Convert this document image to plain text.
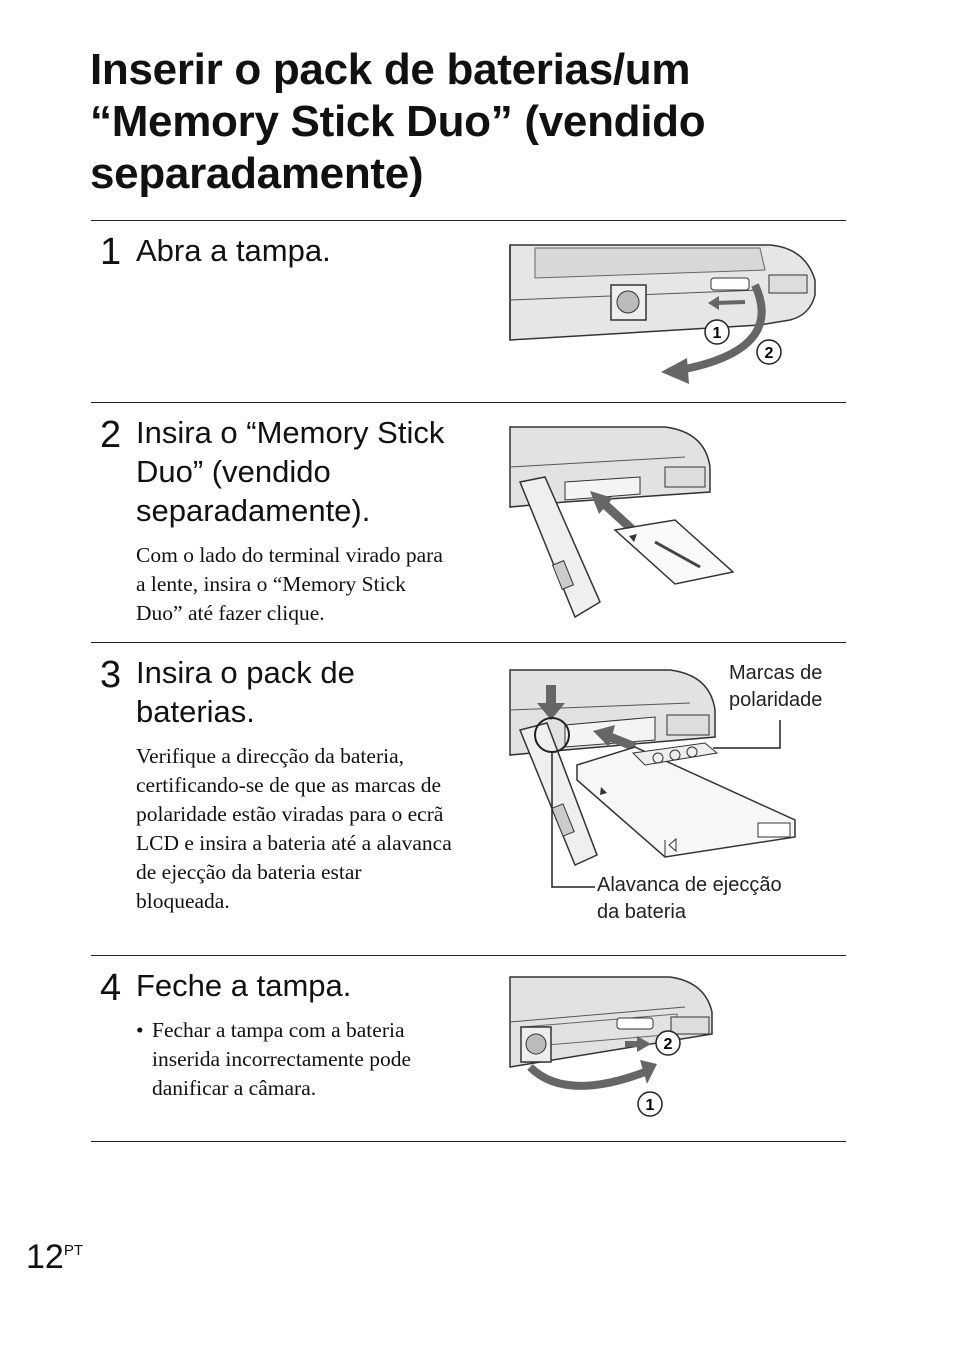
Inserir o pack de baterias/um
“Memory Stick Duo” (vendido
separadamente)
1 Abra a tampa.
1
2
2 Insira o “Memory Stick
Duo” (vendido
separadamente).
Com o lado do terminal virado para
a lente, insira o “Memory Stick
Duo” até fazer clique.
3 Insira o pack de
baterias.
Verifique a direcção da bateria,
certificando-se de que as marcas de
polaridade estão viradas para o ecrã
LCD e insira a bateria até a alavanca
de ejecção da bateria estar
bloqueada.
Marcas de
polaridade
Alavanca de ejecção
da bateria
4 Feche a tampa.
• Fechar a tampa com a bateria
inserida incorrectamente pode
danificar a câmara.
2
1
$12^{PT}$
